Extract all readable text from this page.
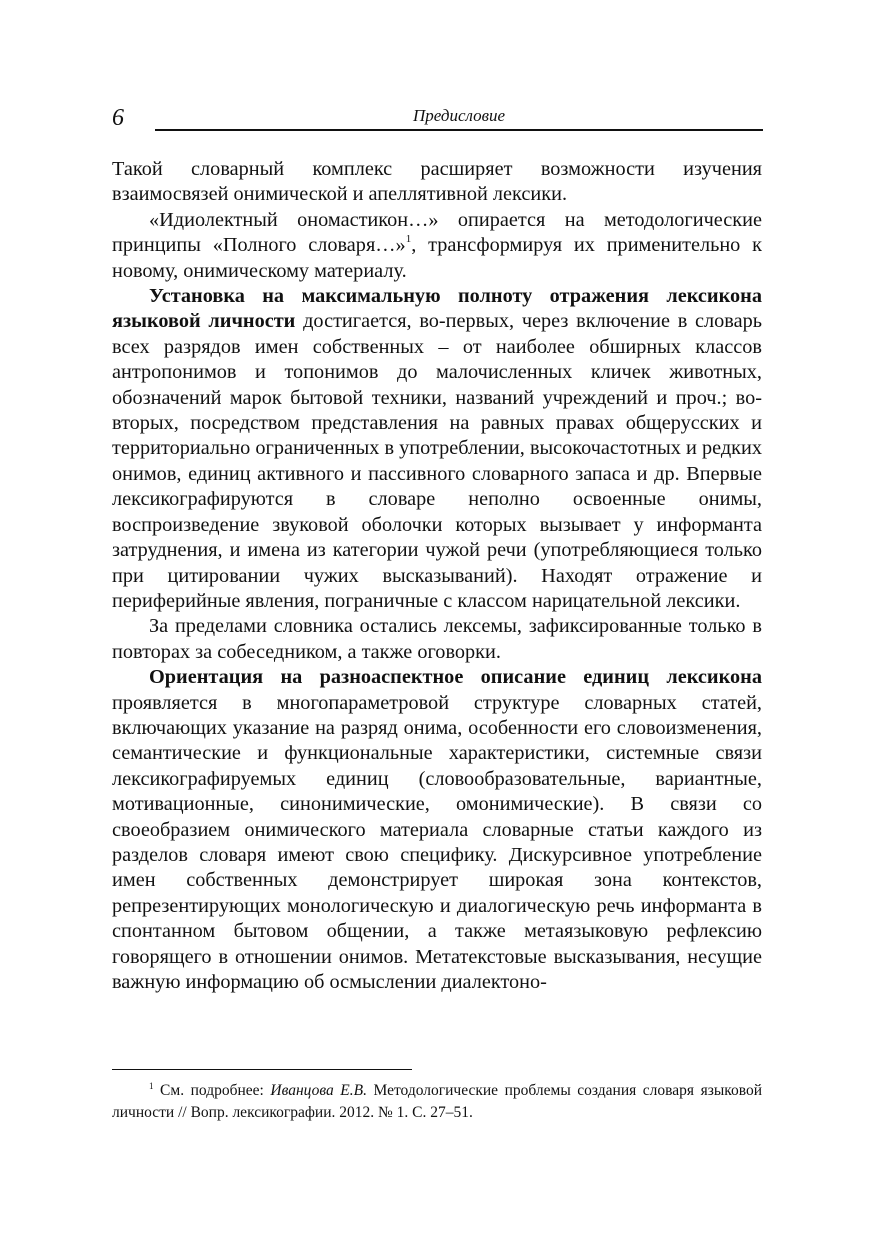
6	Предисловие

Такой словарный комплекс расширяет возможности изучения взаимосвязей онимической и апеллятивной лексики.

«Идиолектный ономастикон…» опирается на методологические принципы «Полного словаря…»$^1$, трансформируя их применительно к новому, онимическому материалу.

Установка на максимальную полноту отражения лексикона языковой личности достигается, во-первых, через включение в словарь всех разрядов имен собственных – от наиболее обширных классов антропонимов и топонимов до малочисленных кличек животных, обозначений марок бытовой техники, названий учреждений и проч.; во-вторых, посредством представления на равных правах общерусских и территориально ограниченных в употреблении, высокочастотных и редких онимов, единиц активного и пассивного словарного запаса и др. Впервые лексикографируются в словаре неполно освоенные онимы, воспроизведение звуковой оболочки которых вызывает у информанта затруднения, и имена из категории чужой речи (употребляющиеся только при цитировании чужих высказываний). Находят отражение и периферийные явления, пограничные с классом нарицательной лексики.

За пределами словника остались лексемы, зафиксированные только в повторах за собеседником, а также оговорки.

Ориентация на разноаспектное описание единиц лексикона проявляется в многопараметровой структуре словарных статей, включающих указание на разряд онима, особенности его словоизменения, семантические и функциональные характеристики, системные связи лексикографируемых единиц (словообразовательные, вариантные, мотивационные, синонимические, омонимические). В связи со своеобразием онимического материала словарные статьи каждого из разделов словаря имеют свою специфику. Дискурсивное употребление имен собственных демонстрирует широкая зона контекстов, репрезентирующих монологическую и диалогическую речь информанта в спонтанном бытовом общении, а также метаязыковую рефлексию говорящего в отношении онимов. Метатекстовые высказывания, несущие важную информацию об осмыслении диалектоно-

$^1$ См. подробнее: Иванцова Е.В. Методологические проблемы создания словаря языковой личности // Вопр. лексикографии. 2012. № 1. С. 27–51.
